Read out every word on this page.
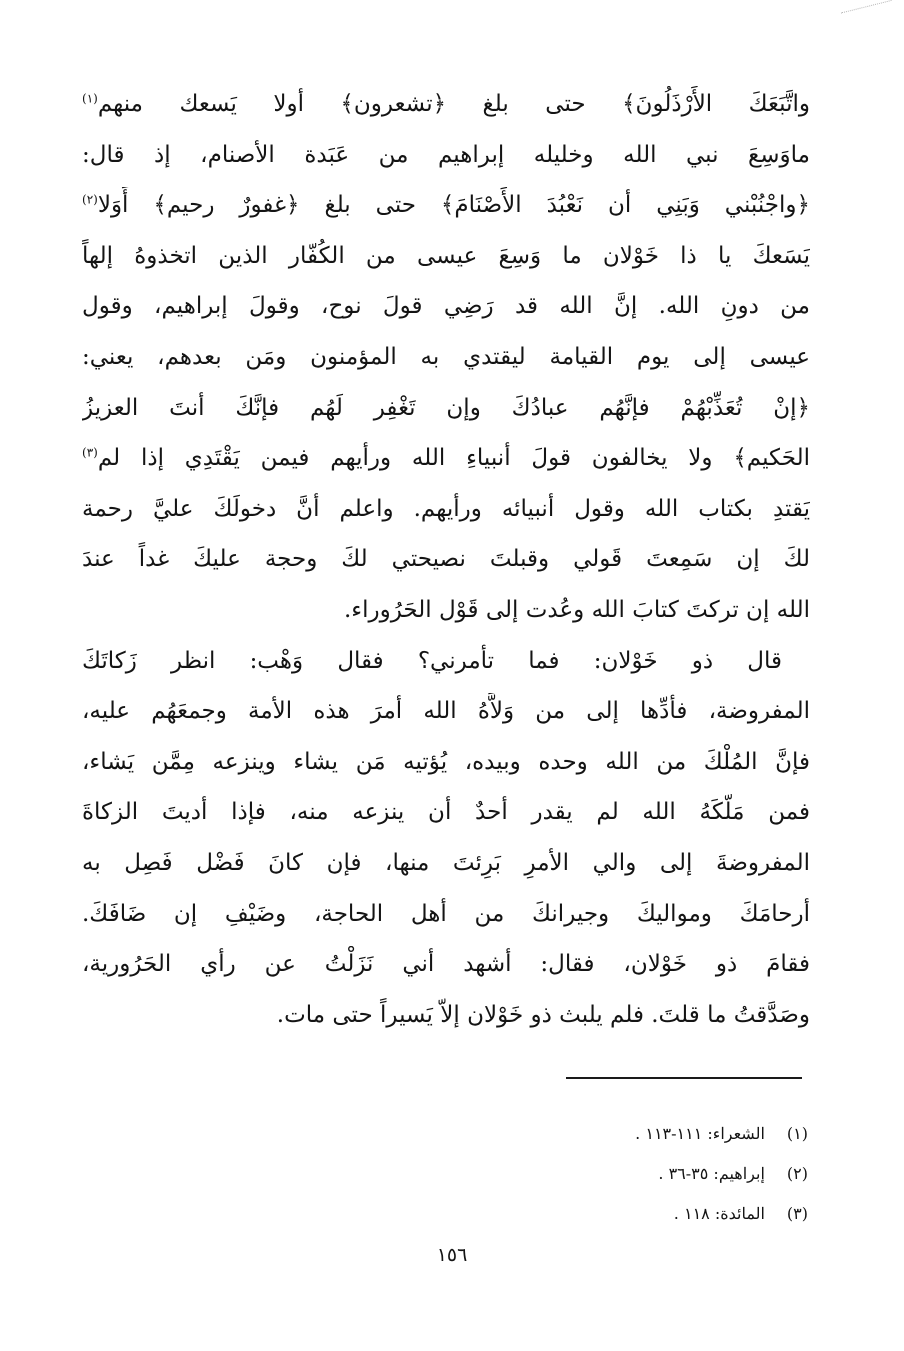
واتَّبَعَكَ الأَرْذَلُونَ﴾ حتى بلغ ﴿تشعرون﴾ أولا يَسعك منهم$^{(١)}$
ماوَسِعَ نبي الله وخليله إبراهيم من عَبَدة الأصنام، إذ قال:
﴿واجْنُبْني وَبَنِي أن نَعْبُدَ الأَصْنَامَ﴾ حتى بلغ ﴿غفورٌ رحيم﴾ أَوَلا$^{(٢)}$
يَسَعكَ يا ذا خَوْلان ما وَسِعَ عيسى من الكُفّار الذين اتخذوهُ إلهاً
من دونِ الله. إنَّ الله قد رَضِي قولَ نوح، وقولَ إبراهيم، وقول
عيسى إلى يوم القيامة ليقتدي به المؤمنون ومَن بعدهم، يعني:
﴿إنْ تُعَذِّبْهُمْ فإنَّهُم عبادُكَ وإن تَغْفِر لَهُم فإنَّكَ أنتَ العزيزُ
الحَكيم﴾ ولا يخالفون قولَ أنبياءِ الله ورأيهم فيمن يَقْتَدِي إذا لم$^{(٣)}$
يَقتدِ بكتاب الله وقول أنبيائه ورأيهم. واعلم أنَّ دخولَكَ عليَّ رحمة
لكَ إن سَمِعتَ قَولي وقبلتَ نصيحتي لكَ وحجة عليكَ غداً عندَ
الله إن تركتَ كتابَ الله وعُدت إلى قَوْل الحَرُوراء.
قال ذو خَوْلان: فما تأمرني؟ فقال وَهْب: انظر زَكاتَكَ
المفروضة، فأدِّها إلى من وَلاَّهُ الله أمرَ هذه الأمة وجمعَهُم عليه،
فإنَّ المُلْكَ من الله وحده وبيده، يُؤتيه مَن يشاء وينزعه مِمَّن يَشاء،
فمن مَلَّكَهُ الله لم يقدر أحدٌ أن ينزعه منه، فإذا أديتَ الزكاةَ
المفروضةَ إلى والي الأمرِ بَرِئتَ منها، فإن كانَ فَضْل فَصِل به
أرحامَكَ ومواليكَ وجيرانكَ من أهل الحاجة، وضَيْفِ إن ضَافَكَ.
فقامَ ذو خَوْلان، فقال: أشهد أني نَزَلْتُ عن رأي الحَرُورية،
وصَدَّقتُ ما قلتَ. فلم يلبث ذو خَوْلان إلاّ يَسيراً حتى مات.
(١)
الشعراء: ١١١-١١٣ .
(٢)
إبراهيم: ٣٥-٣٦ .
(٣)
المائدة: ١١٨ .
١٥٦
